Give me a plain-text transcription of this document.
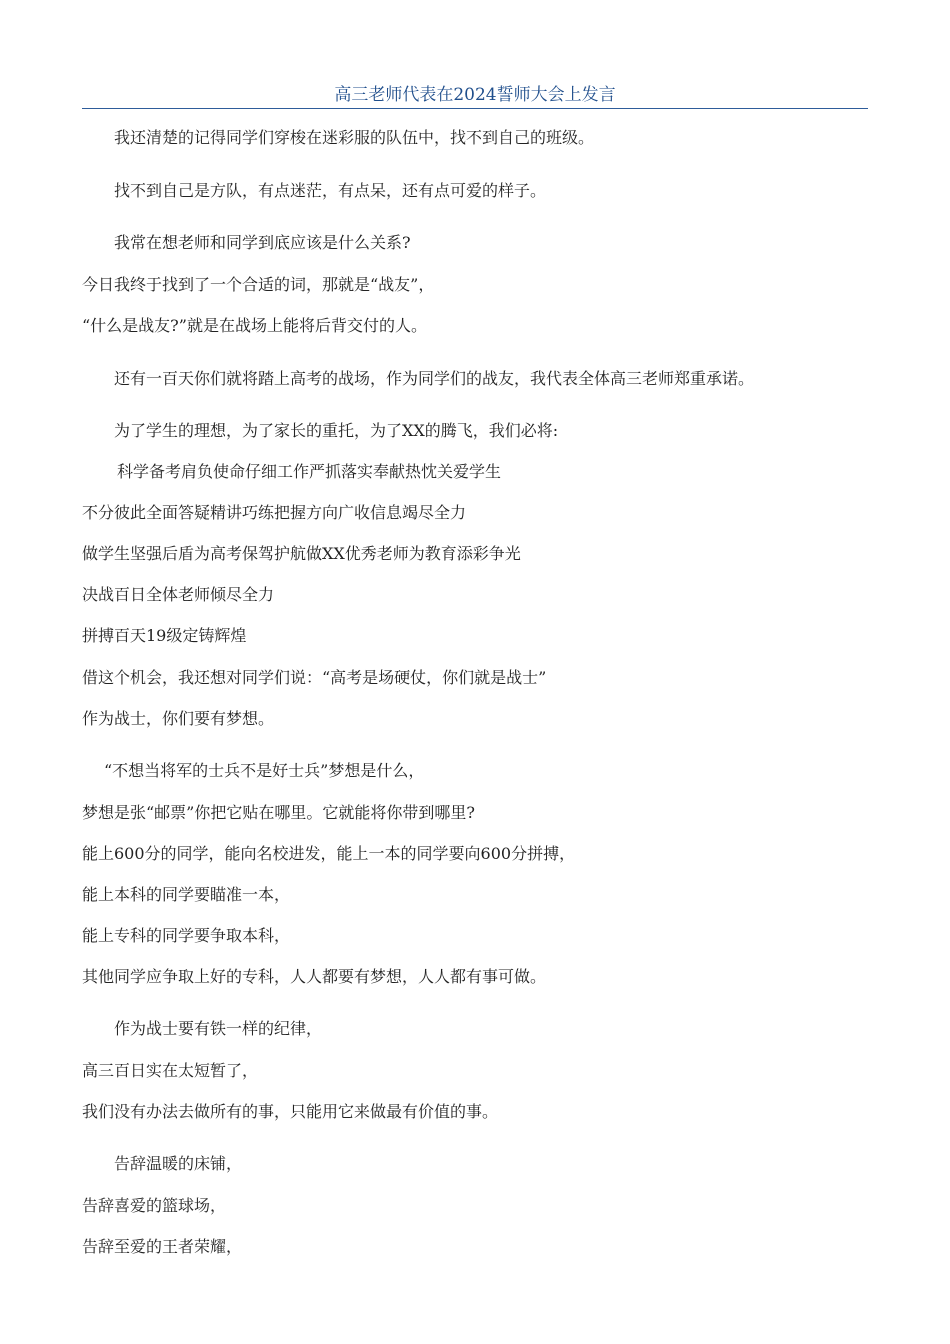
高三老师代表在2024誓师大会上发言
我还清楚的记得同学们穿梭在迷彩服的队伍中，找不到自己的班级。
找不到自己是方队，有点迷茫，有点呆，还有点可爱的样子。
我常在想老师和同学到底应该是什么关系?
今日我终于找到了一个合适的词，那就是“战友”，
“什么是战友?”就是在战场上能将后背交付的人。
还有一百天你们就将踏上高考的战场，作为同学们的战友，我代表全体高三老师郑重承诺。
为了学生的理想，为了家长的重托，为了XX的腾飞，我们必将:
科学备考肩负使命仔细工作严抓落实奉献热忱关爱学生
不分彼此全面答疑精讲巧练把握方向广收信息竭尽全力
做学生坚强后盾为高考保驾护航做XX优秀老师为教育添彩争光
决战百日全体老师倾尽全力
拼搏百天19级定铸辉煌
借这个机会，我还想对同学们说：“高考是场硬仗，你们就是战士”
作为战士，你们要有梦想。
“不想当将军的士兵不是好士兵”梦想是什么，
梦想是张“邮票”你把它贴在哪里。它就能将你带到哪里?
能上600分的同学，能向名校进发，能上一本的同学要向600分拼搏，
能上本科的同学要瞄准一本，
能上专科的同学要争取本科，
其他同学应争取上好的专科，人人都要有梦想，人人都有事可做。
作为战士要有铁一样的纪律，
高三百日实在太短暂了，
我们没有办法去做所有的事，只能用它来做最有价值的事。
告辞温暖的床铺，
告辞喜爱的篮球场，
告辞至爱的王者荣耀，
